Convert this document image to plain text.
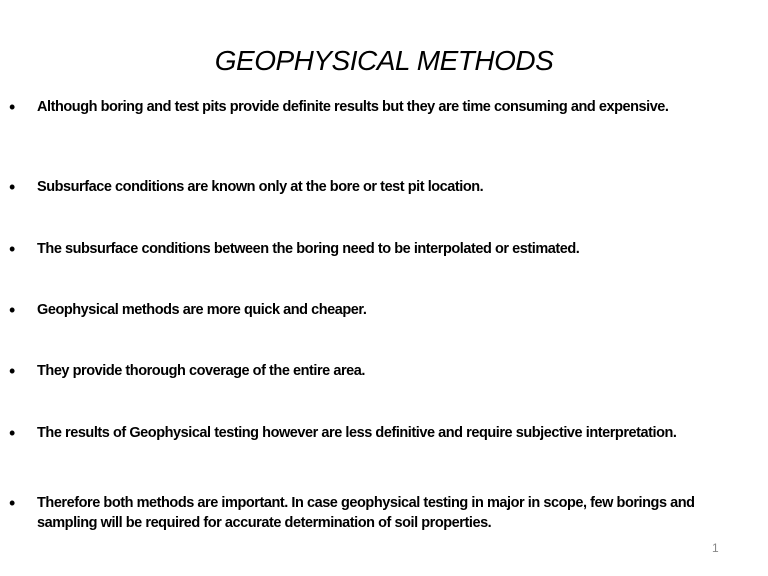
GEOPHYSICAL METHODS
• Although boring and test pits provide definite results but they are time consuming and expensive.
• Subsurface conditions are known only at the bore or test pit location.
• The subsurface conditions between the boring need to be interpolated or estimated.
• Geophysical methods are more quick and cheaper.
• They provide thorough coverage of the entire area.
• The results of Geophysical testing however are less definitive and require subjective interpretation.
• Therefore both methods are important. In case geophysical testing in major in scope, few borings and sampling will be required for accurate determination of soil properties.
1
